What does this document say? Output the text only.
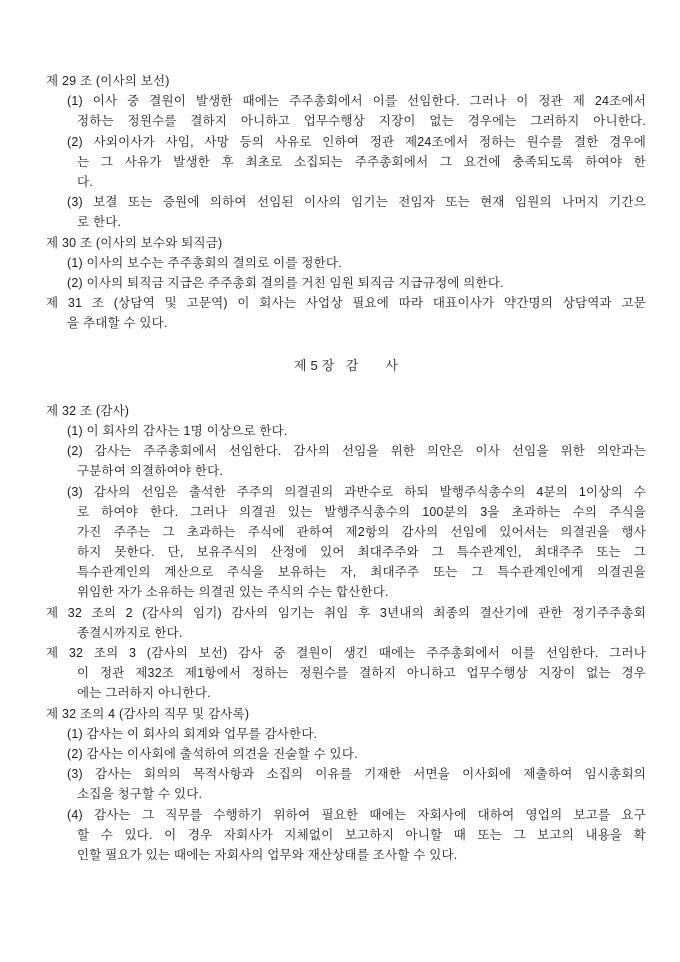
제 29 조 (이사의 보선)
(1) 이사 중 결원이 발생한 때에는 주주총회에서 이를 선임한다. 그러나 이 정관 제 24조에서
정하는 정원수를 결하지 아니하고 업무수행상 지장이 없는 경우에는 그러하지 아니한다.
(2) 사외이사가 사임, 사망 등의 사유로 인하여 정관 제24조에서 정하는 원수를 결한 경우에
는 그 사유가 발생한 후 최초로 소집되는 주주총회에서 그 요건에 충족되도록 하여야 한
다.
(3) 보결 또는 증원에 의하여 선임된 이사의 임기는 전임자 또는 현재 임원의 나머지 기간으
로 한다.
제 30 조 (이사의 보수와 퇴직금)
(1) 이사의 보수는 주주총회의 결의로 이를 정한다.
(2) 이사의 퇴직금 지급은 주주총회 결의를 거친 임원 퇴직금 지급규정에 의한다.
제 31 조 (상담역 및 고문역) 이 회사는 사업상 필요에 따라 대표이사가 약간명의 상담역과 고문
을 추대할 수 있다.
제 5 장   감       사
제 32 조 (감사)
(1) 이 회사의 감사는 1명 이상으로 한다.
(2) 감사는 주주총회에서 선임한다. 감사의 선임을 위한 의안은 이사 선임을 위한 의안과는
구분하여 의결하여야 한다.
(3) 감사의 선임은 출석한 주주의 의결권의 과반수로 하되 발행주식총수의 4분의 1이상의 수
로 하여야 한다. 그러나 의결권 있는 발행주식총수의 100분의 3을 초과하는 수의 주식을
가진 주주는 그 초과하는 주식에 관하여 제2항의 감사의 선임에 있어서는 의결권을 행사
하지 못한다. 단, 보유주식의 산정에 있어 최대주주와 그 특수관계인, 최대주주 또는 그
특수관계인의 계산으로 주식을 보유하는 자, 최대주주 또는 그 특수관계인에게 의결권을
위임한 자가 소유하는 의결권 있는 주식의 수는 합산한다.
제 32 조의 2 (감사의 임기) 감사의 임기는 취임 후 3년내의 최종의 결산기에 관한 정기주주총회
종결시까지로 한다.
제 32 조의 3 (감사의 보선) 감사 중 결원이 생긴 때에는 주주총회에서 이를 선임한다. 그러나
이 정관 제32조 제1항에서 정하는 정원수를 결하지 아니하고 업무수행상 지장이 없는 경우
에는 그러하지 아니한다.
제 32 조의 4 (감사의 직무 및 감사록)
(1) 감사는 이 회사의 회계와 업무를 감사한다.
(2) 감사는 이사회에 출석하여 의견을 진술할 수 있다.
(3) 감사는 회의의 목적사항과 소집의 이유를 기재한 서면을 이사회에 제출하여 임시총회의
소집을 청구할 수 있다.
(4) 감사는 그 직무를 수행하기 위하여 필요한 때에는 자회사에 대하여 영업의 보고를 요구
할 수 있다. 이 경우 자회사가 지체없이 보고하지 아니할 때 또는 그 보고의 내용을 확
인할 필요가 있는 때에는 자회사의 업무와 재산상태를 조사할 수 있다.
